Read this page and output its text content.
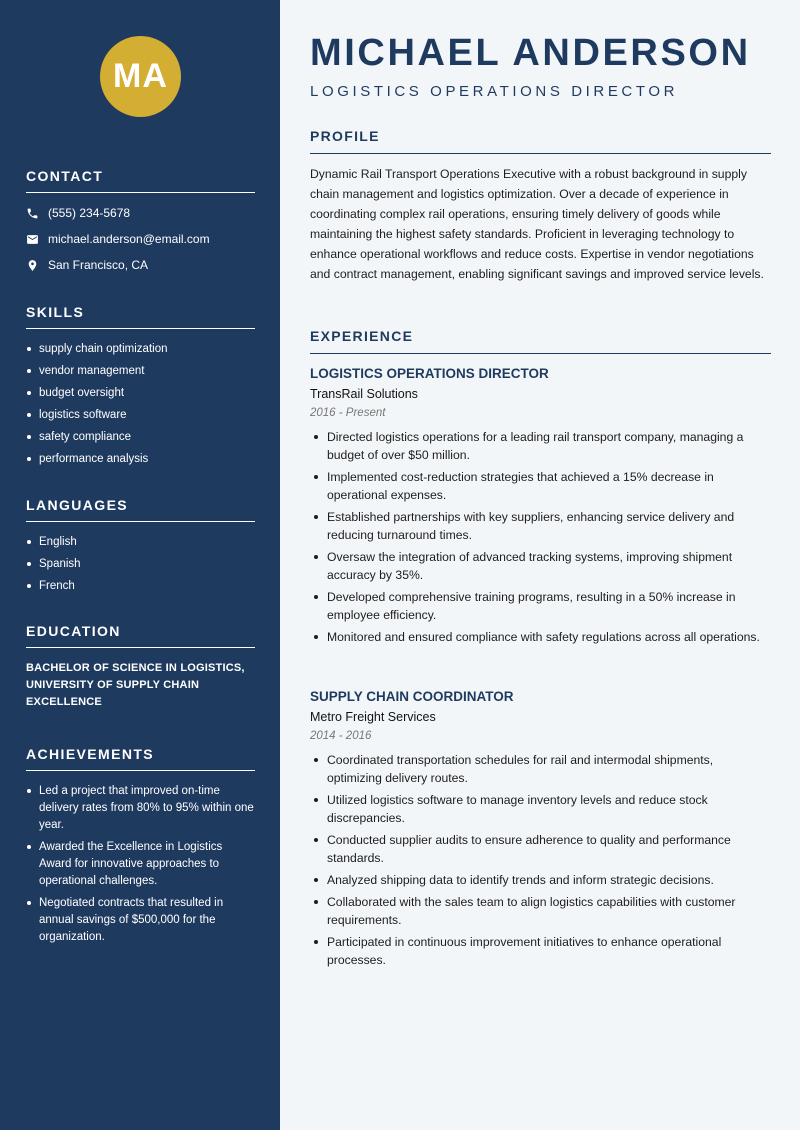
MA
CONTACT
(555) 234-5678
michael.anderson@email.com
San Francisco, CA
SKILLS
supply chain optimization
vendor management
budget oversight
logistics software
safety compliance
performance analysis
LANGUAGES
English
Spanish
French
EDUCATION
BACHELOR OF SCIENCE IN LOGISTICS, UNIVERSITY OF SUPPLY CHAIN EXCELLENCE
ACHIEVEMENTS
Led a project that improved on-time delivery rates from 80% to 95% within one year.
Awarded the Excellence in Logistics Award for innovative approaches to operational challenges.
Negotiated contracts that resulted in annual savings of $500,000 for the organization.
MICHAEL ANDERSON
LOGISTICS OPERATIONS DIRECTOR
PROFILE

Dynamic Rail Transport Operations Executive with a robust background in supply chain management and logistics optimization. Over a decade of experience in coordinating complex rail operations, ensuring timely delivery of goods while maintaining the highest safety standards. Proficient in leveraging technology to enhance operational workflows and reduce costs. Expertise in vendor negotiations and contract management, enabling significant savings and improved service levels.

EXPERIENCE
LOGISTICS OPERATIONS DIRECTOR
TransRail Solutions
2016 - Present
Directed logistics operations for a leading rail transport company, managing a budget of over $50 million.
Implemented cost-reduction strategies that achieved a 15% decrease in operational expenses.
Established partnerships with key suppliers, enhancing service delivery and reducing turnaround times.
Oversaw the integration of advanced tracking systems, improving shipment accuracy by 35%.
Developed comprehensive training programs, resulting in a 50% increase in employee efficiency.
Monitored and ensured compliance with safety regulations across all operations.
SUPPLY CHAIN COORDINATOR
Metro Freight Services
2014 - 2016
Coordinated transportation schedules for rail and intermodal shipments, optimizing delivery routes.
Utilized logistics software to manage inventory levels and reduce stock discrepancies.
Conducted supplier audits to ensure adherence to quality and performance standards.
Analyzed shipping data to identify trends and inform strategic decisions.
Collaborated with the sales team to align logistics capabilities with customer requirements.
Participated in continuous improvement initiatives to enhance operational processes.
